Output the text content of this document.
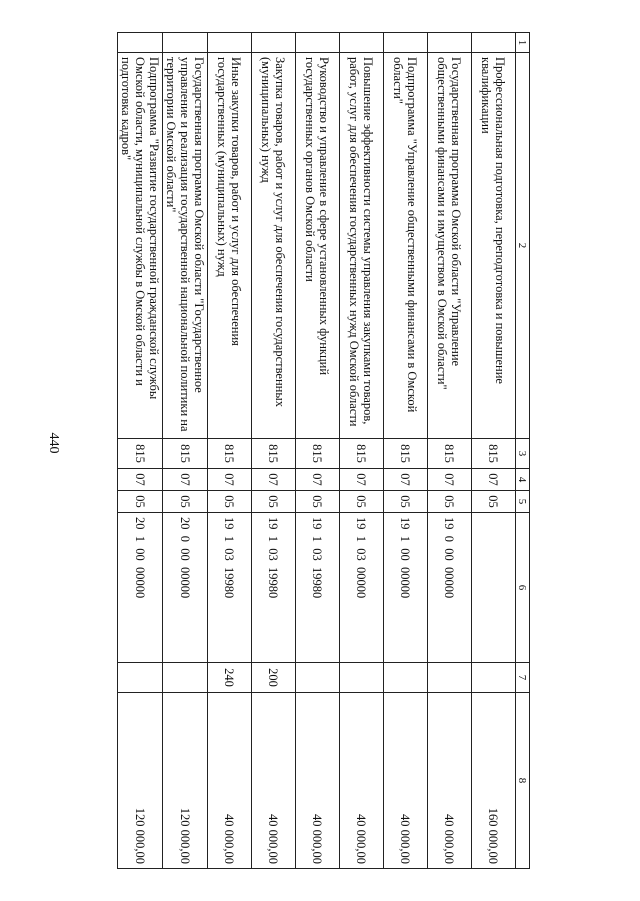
440
1	2	3	4	5	6	7	8
	Профессиональная подготовка, переподготовка и повышение квалификации	815	07	05			160 000,00
	Государственная программа Омской области "Управление общественными финансами и имуществом в Омской области"	815	07	05	19  0  00  00000		40 000,00
	Подпрограмма "Управление общественными финансами в Омской области"	815	07	05	19  1  00  00000		40 000,00
	Повышение эффективности системы управления закупками товаров, работ, услуг для обеспечения государственных нужд Омской области	815	07	05	19  1  03  00000		40 000,00
	Руководство и управление в сфере установленных функций государственных органов Омской области	815	07	05	19  1  03  19980		40 000,00
	Закупка товаров, работ и услуг для обеспечения государственных (муниципальных) нужд	815	07	05	19  1  03  19980	200	40 000,00
	Иные закупки товаров, работ и услуг для обеспечения государственных (муниципальных) нужд	815	07	05	19  1  03  19980	240	40 000,00
	Государственная программа Омской области "Государственное управление и реализация государственной национальной политики на территории Омской области"	815	07	05	20  0  00  00000		120 000,00
	Подпрограмма "Развитие государственной гражданской службы Омской области, муниципальной службы в Омской области и подготовка кадров"	815	07	05	20  1  00  00000		120 000,00
